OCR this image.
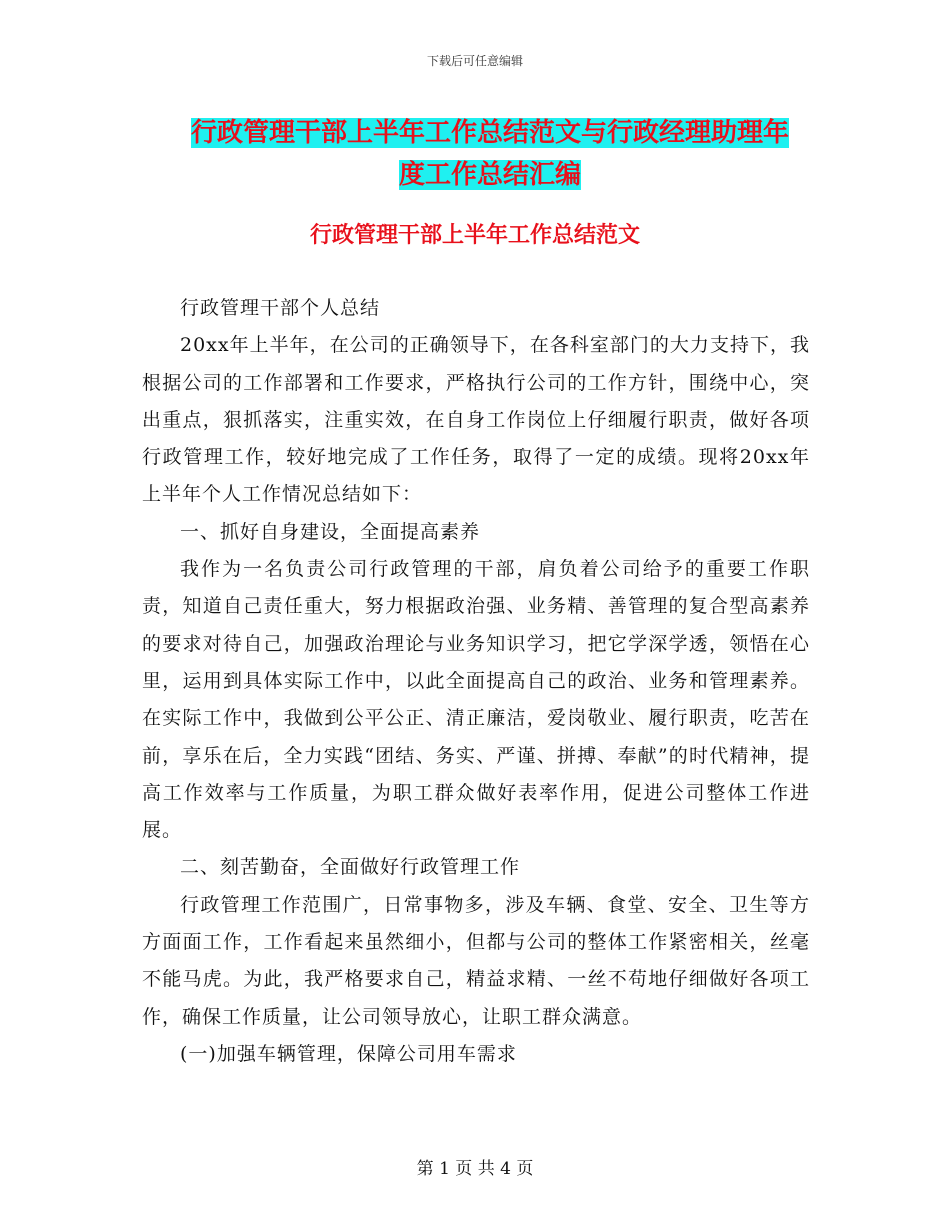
下载后可任意编辑
行政管理干部上半年工作总结范文与行政经理助理年
度工作总结汇编
行政管理干部上半年工作总结范文

行政管理干部个人总结

20xx年上半年，在公司的正确领导下，在各科室部门的大力支持下，我根据公司的工作部署和工作要求，严格执行公司的工作方针，围绕中心，突出重点，狠抓落实，注重实效，在自身工作岗位上仔细履行职责，做好各项行政管理工作，较好地完成了工作任务，取得了一定的成绩。现将20xx年上半年个人工作情况总结如下：

一、抓好自身建设，全面提高素养

我作为一名负责公司行政管理的干部，肩负着公司给予的重要工作职责，知道自己责任重大，努力根据政治强、业务精、善管理的复合型高素养的要求对待自己，加强政治理论与业务知识学习，把它学深学透，领悟在心里，运用到具体实际工作中，以此全面提高自己的政治、业务和管理素养。在实际工作中，我做到公平公正、清正廉洁，爱岗敬业、履行职责，吃苦在前，享乐在后，全力实践“团结、务实、严谨、拼搏、奉献”的时代精神，提高工作效率与工作质量，为职工群众做好表率作用，促进公司整体工作进展。

二、刻苦勤奋，全面做好行政管理工作

行政管理工作范围广，日常事物多，涉及车辆、食堂、安全、卫生等方方面面工作，工作看起来虽然细小，但都与公司的整体工作紧密相关，丝毫不能马虎。为此，我严格要求自己，精益求精、一丝不苟地仔细做好各项工作，确保工作质量，让公司领导放心，让职工群众满意。

(一)加强车辆管理，保障公司用车需求

第 1 页 共 4 页
